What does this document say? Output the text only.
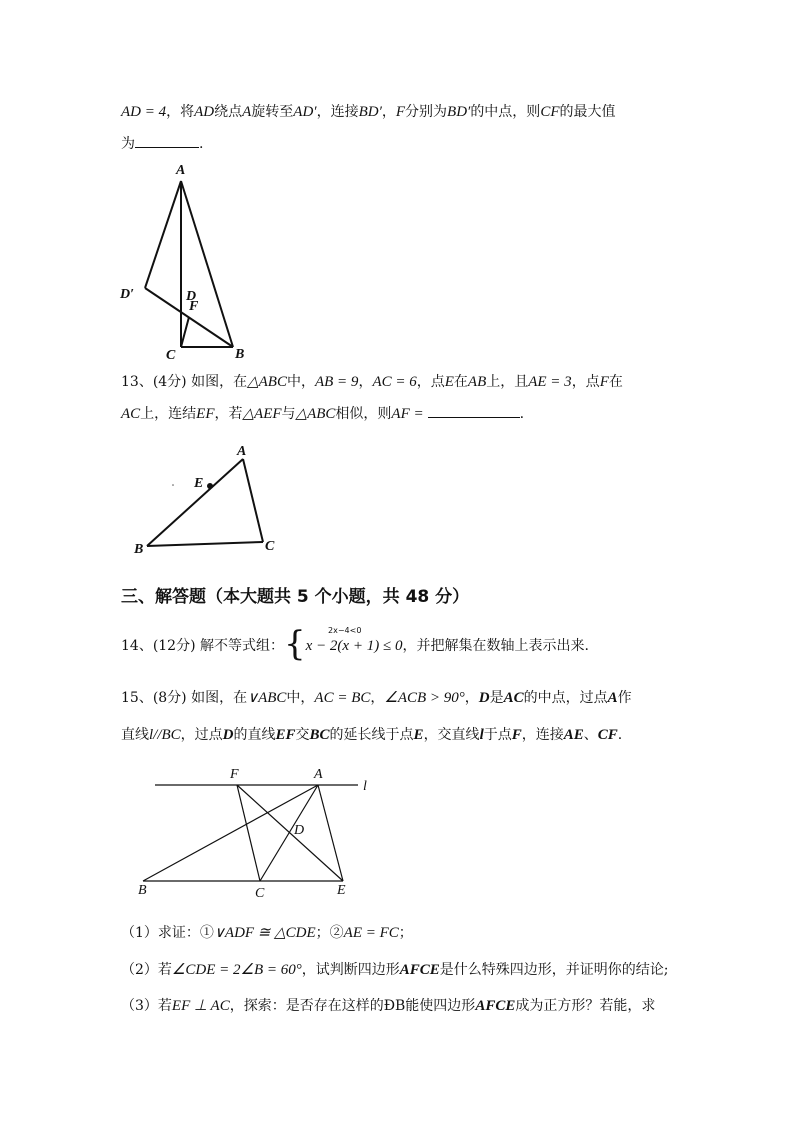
AD = 4，将AD绕点A旋转至AD′，连接BD′，F分别为BD′的中点，则CF的最大值
为	.
A
D′	D
F
C	B
A
E
B	C
F	A
l
D
B	C	E
13、(4分) 如图，在△ABC中，AB = 9，AC = 6，点E在AB上，且AE = 3，点F在
AC上，连结EF，若△AEF与△ABC相似，则AF =	.
三、解答题（本大题共 5 个小题，共 48 分）
14、(12分) 解不等式组：{x − 2(x + 1) ≤ 0，并把解集在数轴上表示出来.
2x−4<0
15、(8分) 如图，在∨ABC中，AC = BC，∠ACB > 90°，D是AC的中点，过点A作
直线l//BC，过点D的直线EF交BC的延长线于点E，交直线l于点F，连接AE、CF.
（1）求证：①∨ADF ≅ △CDE；②AE = FC；
（2）若∠CDE = 2∠B = 60°，试判断四边形AFCE是什么特殊四边形，并证明你的结论;
（3）若EF ⊥ AC，探索：是否存在这样的ÐB能使四边形AFCE成为正方形？若能，求
